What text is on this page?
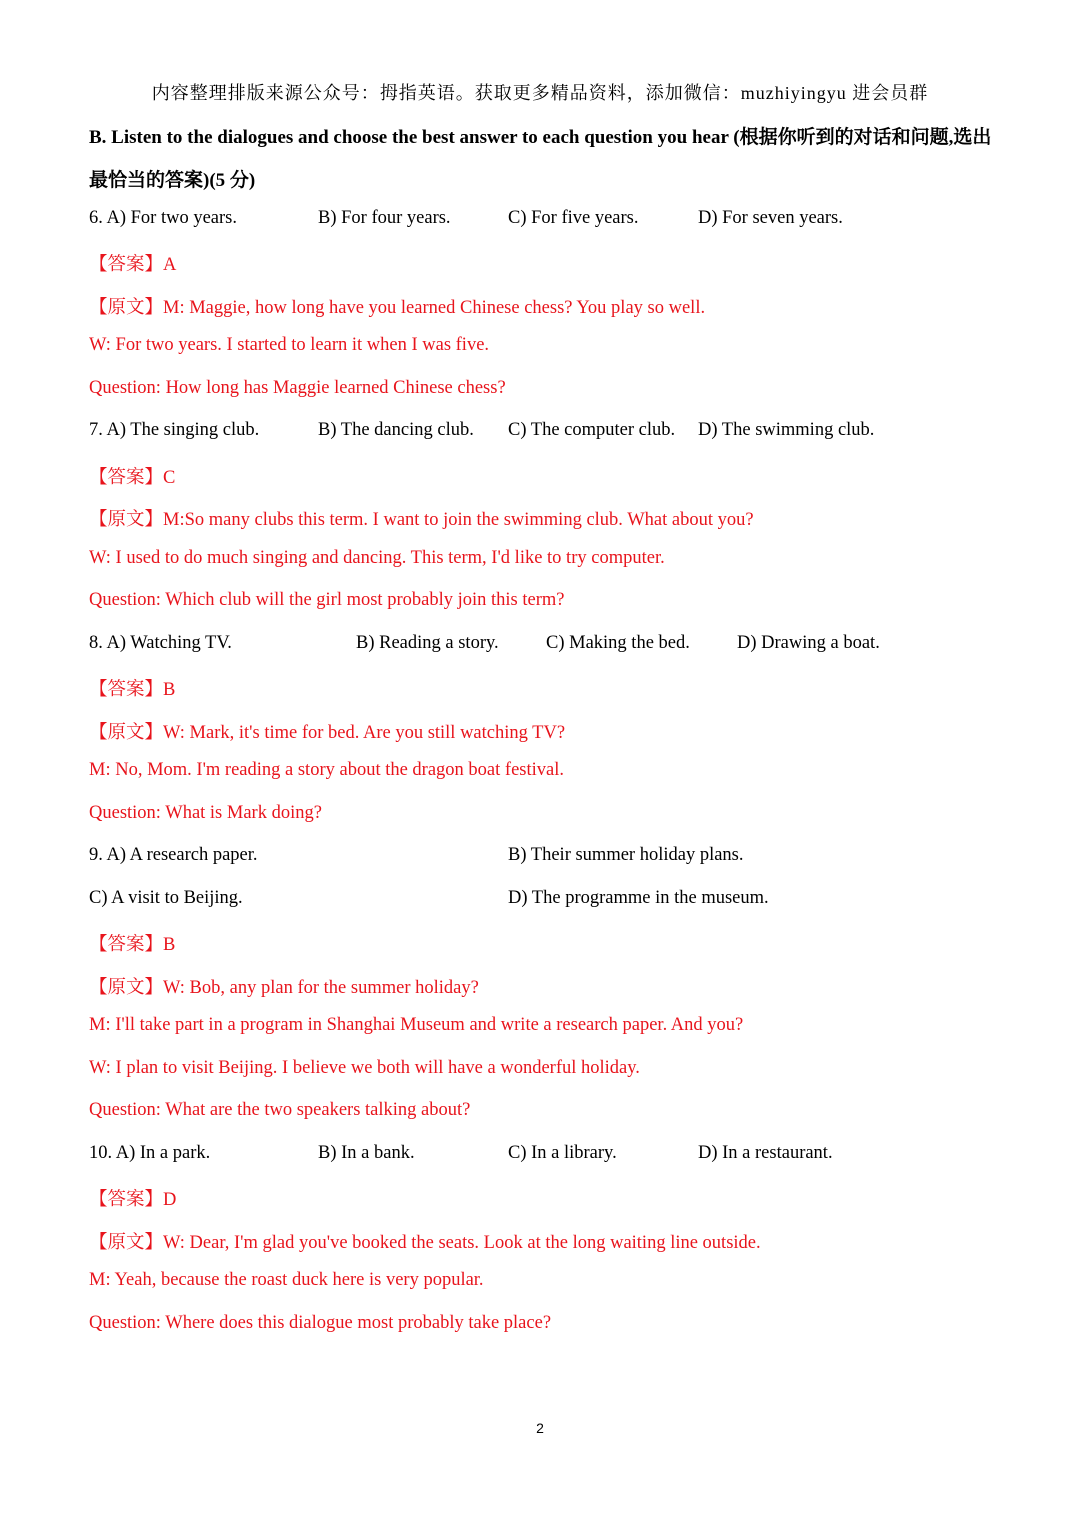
内容整理排版来源公众号：拇指英语。获取更多精品资料，添加微信：muzhiyingyu 进会员群
B. Listen to the dialogues and choose the best answer to each question you hear (根据你听到的对话和问题,选出
最恰当的答案)(5 分)
6. A) For two years.	B) For four years.	C) For five years.	D) For seven years.
【答案】A
【原文】M: Maggie, how long have you learned Chinese chess? You play so well.
W: For two years. I started to learn it when I was five.
Question: How long has Maggie learned Chinese chess?
7. A) The singing club.	B) The dancing club. C) The computer club. D) The swimming club.
【答案】C
【原文】M:So many clubs this term. I want to join the swimming club. What about you?
W: I used to do much singing and dancing. This term, I'd like to try computer.
Question: Which club will the girl most probably join this term?
8. A) Watching TV.	B) Reading a story.	C) Making the bed.	D) Drawing a boat.
【答案】B
【原文】W: Mark, it's time for bed. Are you still watching TV?
M: No, Mom. I'm reading a story about the dragon boat festival.
Question: What is Mark doing?
9. A) A research paper.	B) Their summer holiday plans.
C) A visit to Beijing.	D) The programme in the museum.
【答案】B
【原文】W: Bob, any plan for the summer holiday?
M: I'll take part in a program in Shanghai Museum and write a research paper. And you?
W: I plan to visit Beijing. I believe we both will have a wonderful holiday.
Question: What are the two speakers talking about?
10. A) In a park.	B) In a bank.	C) In a library.	D) In a restaurant.
【答案】D
【原文】W: Dear, I'm glad you've booked the seats. Look at the long waiting line outside.
M: Yeah, because the roast duck here is very popular.
Question: Where does this dialogue most probably take place?
2
